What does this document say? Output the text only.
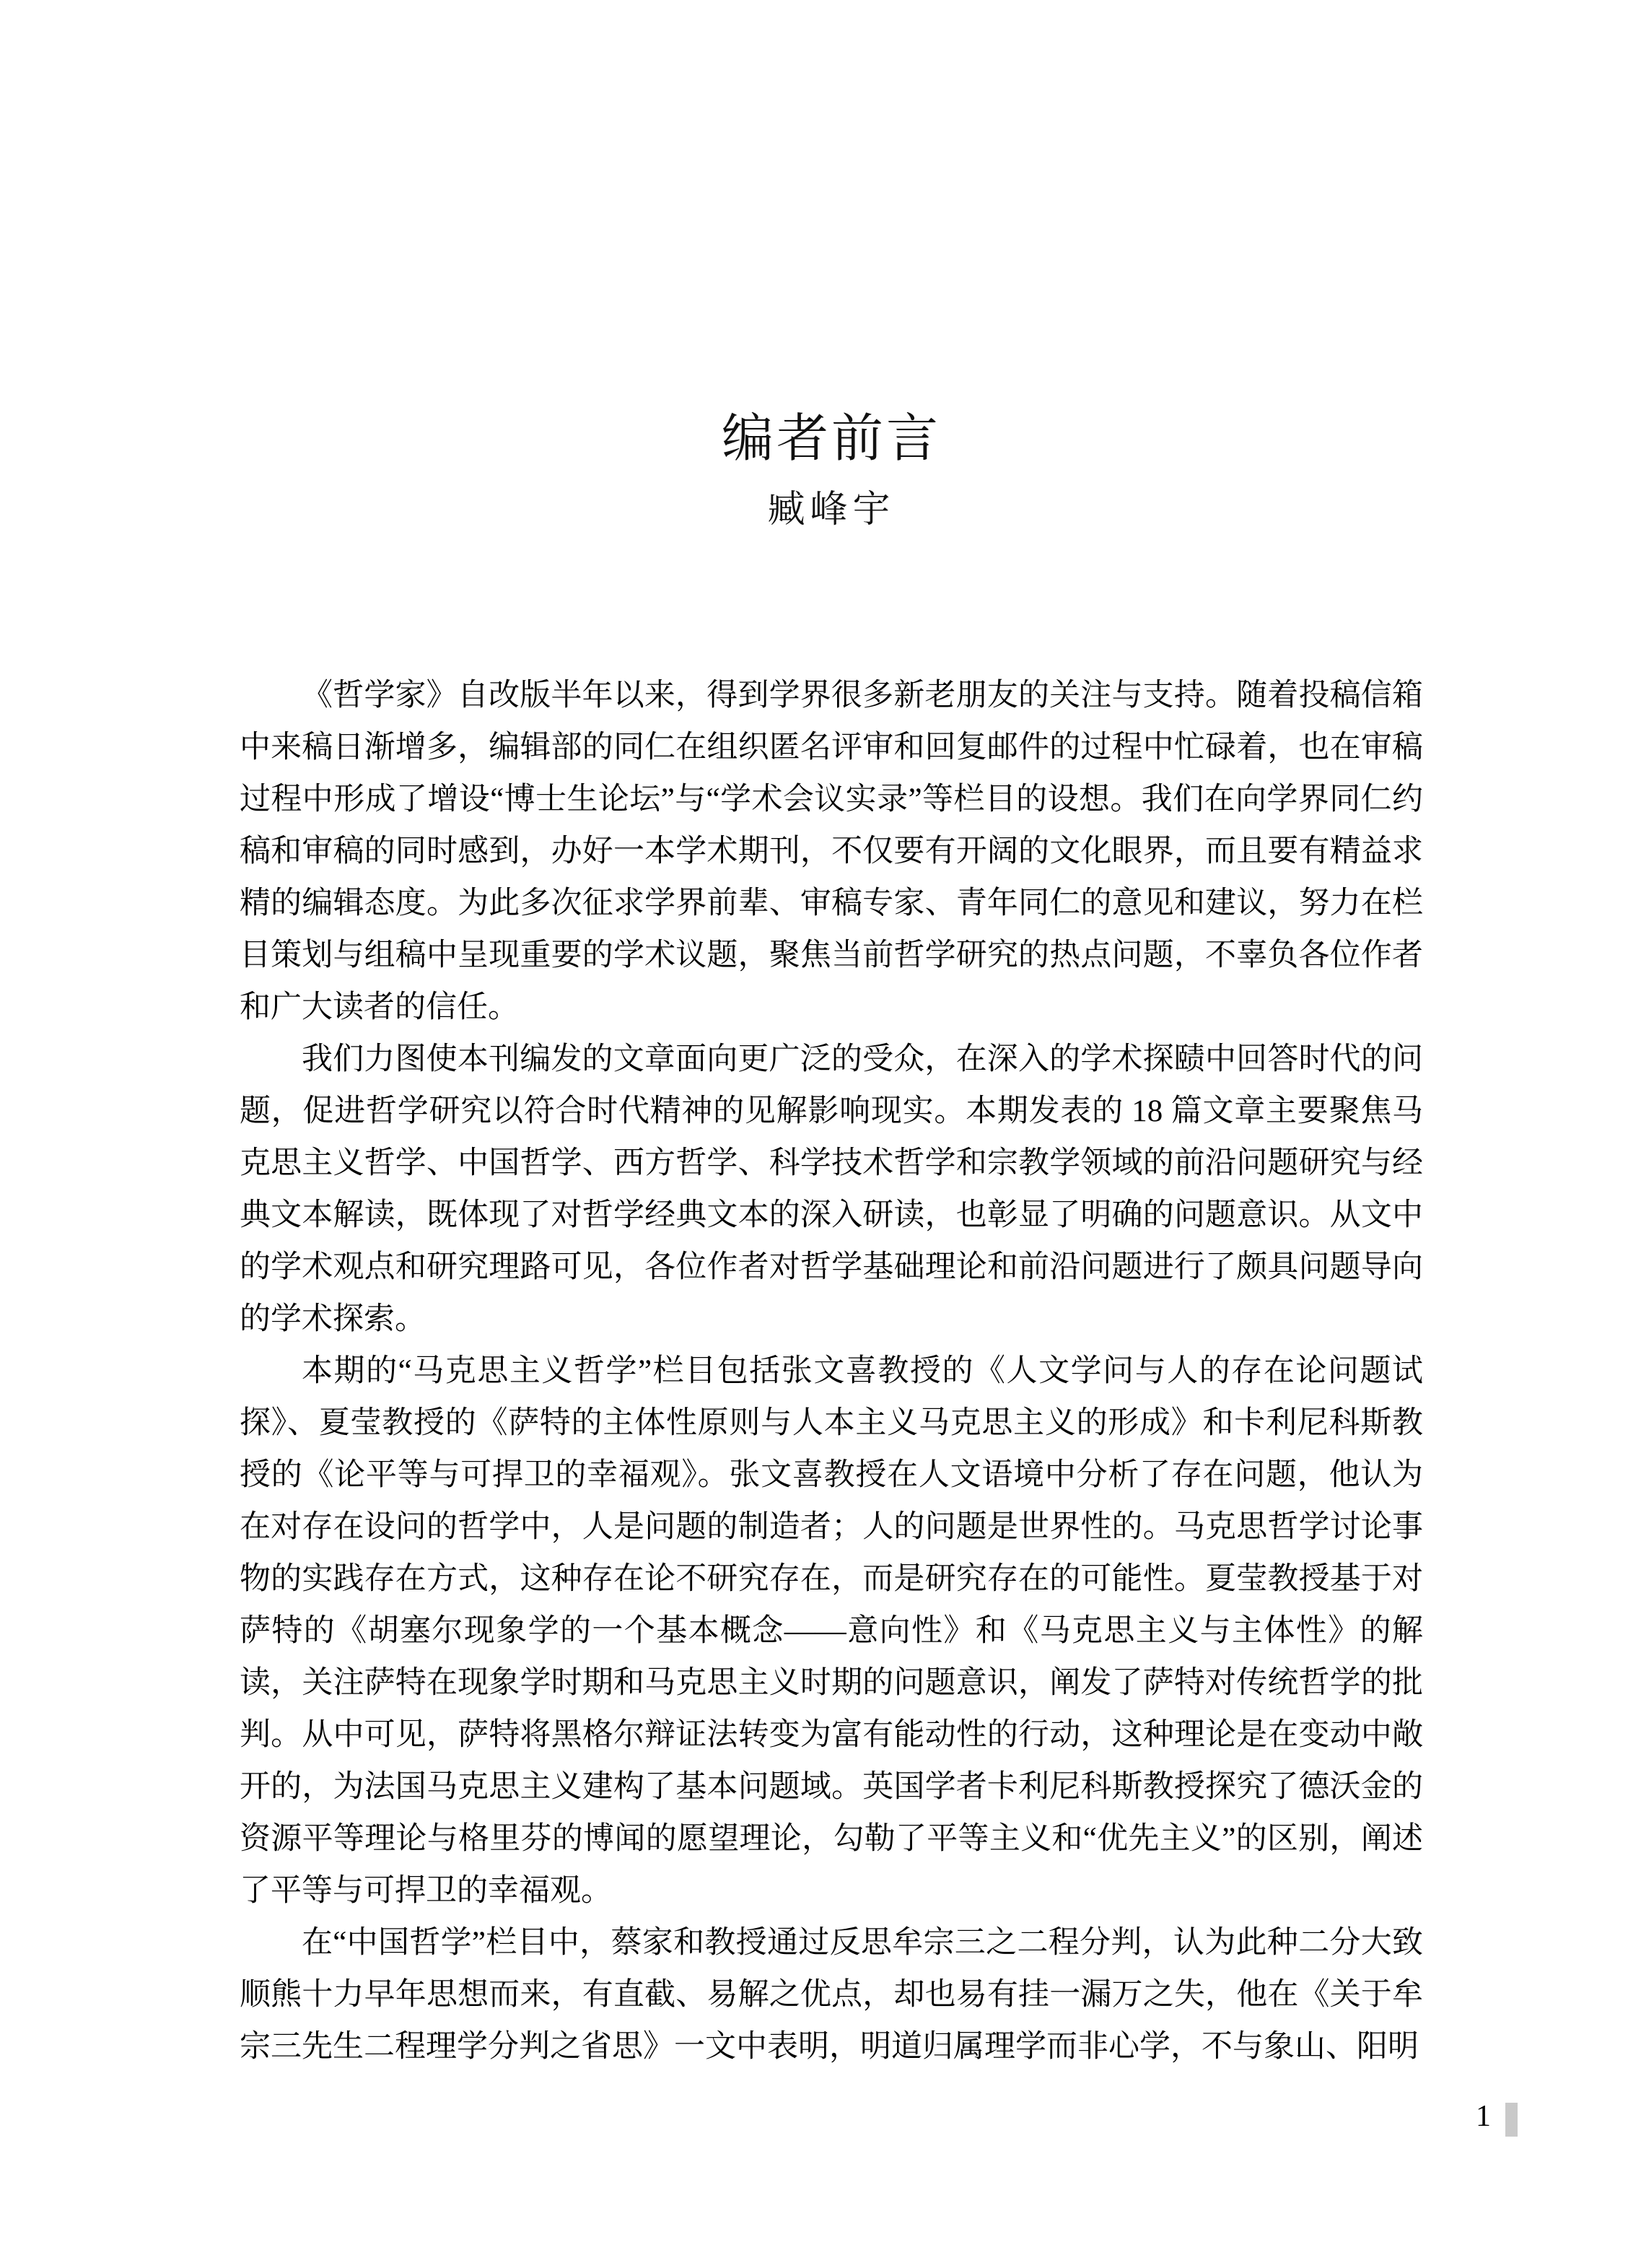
编者前言
臧峰宇

《哲学家》自改版半年以来，得到学界很多新老朋友的关注与支持。随着投稿信箱中来稿日渐增多，编辑部的同仁在组织匿名评审和回复邮件的过程中忙碌着，也在审稿过程中形成了增设“博士生论坛”与“学术会议实录”等栏目的设想。我们在向学界同仁约稿和审稿的同时感到，办好一本学术期刊，不仅要有开阔的文化眼界，而且要有精益求精的编辑态度。为此多次征求学界前辈、审稿专家、青年同仁的意见和建议，努力在栏目策划与组稿中呈现重要的学术议题，聚焦当前哲学研究的热点问题，不辜负各位作者和广大读者的信任。

我们力图使本刊编发的文章面向更广泛的受众，在深入的学术探赜中回答时代的问题，促进哲学研究以符合时代精神的见解影响现实。本期发表的 18 篇文章主要聚焦马克思主义哲学、中国哲学、西方哲学、科学技术哲学和宗教学领域的前沿问题研究与经典文本解读，既体现了对哲学经典文本的深入研读，也彰显了明确的问题意识。从文中的学术观点和研究理路可见，各位作者对哲学基础理论和前沿问题进行了颇具问题导向的学术探索。

本期的“马克思主义哲学”栏目包括张文喜教授的《人文学问与人的存在论问题试探》、夏莹教授的《萨特的主体性原则与人本主义马克思主义的形成》和卡利尼科斯教授的《论平等与可捍卫的幸福观》。张文喜教授在人文语境中分析了存在问题，他认为在对存在设问的哲学中，人是问题的制造者；人的问题是世界性的。马克思哲学讨论事物的实践存在方式，这种存在论不研究存在，而是研究存在的可能性。夏莹教授基于对萨特的《胡塞尔现象学的一个基本概念——意向性》和《马克思主义与主体性》的解读，关注萨特在现象学时期和马克思主义时期的问题意识，阐发了萨特对传统哲学的批判。从中可见，萨特将黑格尔辩证法转变为富有能动性的行动，这种理论是在变动中敞开的，为法国马克思主义建构了基本问题域。英国学者卡利尼科斯教授探究了德沃金的资源平等理论与格里芬的博闻的愿望理论，勾勒了平等主义和“优先主义”的区别，阐述了平等与可捍卫的幸福观。

在“中国哲学”栏目中，蔡家和教授通过反思牟宗三之二程分判，认为此种二分大致顺熊十力早年思想而来，有直截、易解之优点，却也易有挂一漏万之失，他在《关于牟宗三先生二程理学分判之省思》一文中表明，明道归属理学而非心学，不与象山、阳明

1
